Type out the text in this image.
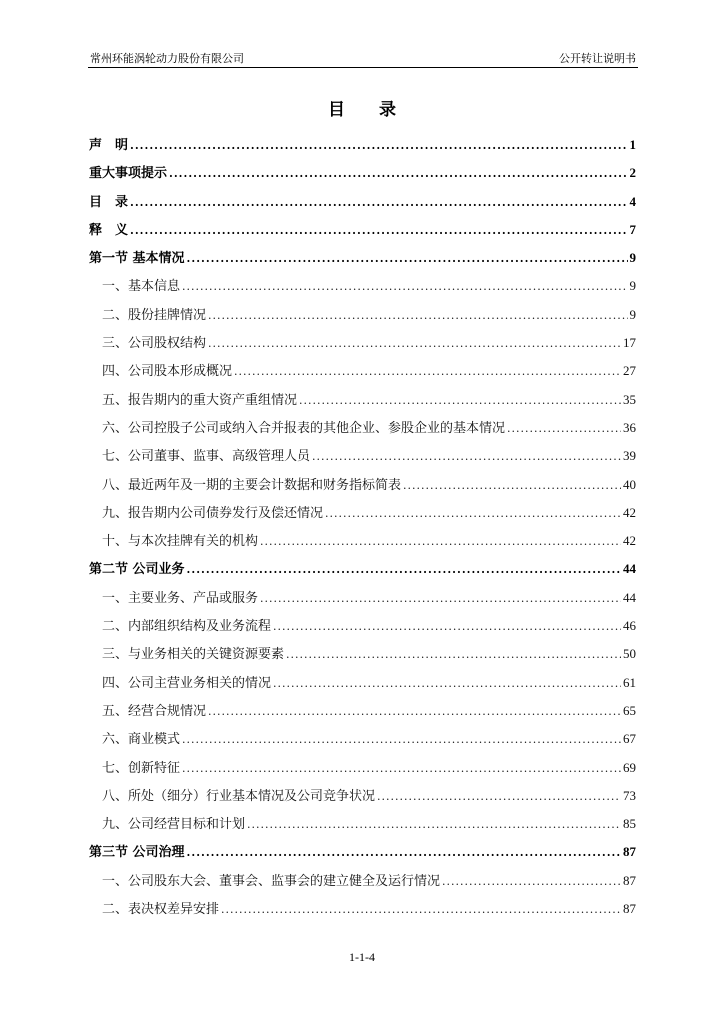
常州环能涡轮动力股份有限公司	公开转让说明书
目 录
声　明 .....	1
重大事项提示 .....	2
目　录 .....	4
释　义 .....	7
第一节 基本情况 .....	9
一、基本信息 .....	9
二、股份挂牌情况 .....	9
三、公司股权结构 .....	17
四、公司股本形成概况 .....	27
五、报告期内的重大资产重组情况 .....	35
六、公司控股子公司或纳入合并报表的其他企业、参股企业的基本情况 .....	36
七、公司董事、监事、高级管理人员 .....	39
八、最近两年及一期的主要会计数据和财务指标简表 .....	40
九、报告期内公司债券发行及偿还情况 .....	42
十、与本次挂牌有关的机构 .....	42
第二节 公司业务 .....	44
一、主要业务、产品或服务 .....	44
二、内部组织结构及业务流程 .....	46
三、与业务相关的关键资源要素 .....	50
四、公司主营业务相关的情况 .....	61
五、经营合规情况 .....	65
六、商业模式 .....	67
七、创新特征 .....	69
八、所处（细分）行业基本情况及公司竞争状况 .....	73
九、公司经营目标和计划 .....	85
第三节 公司治理 .....	87
一、公司股东大会、董事会、监事会的建立健全及运行情况 .....	87
二、表决权差异安排 .....	87
1-1-4
